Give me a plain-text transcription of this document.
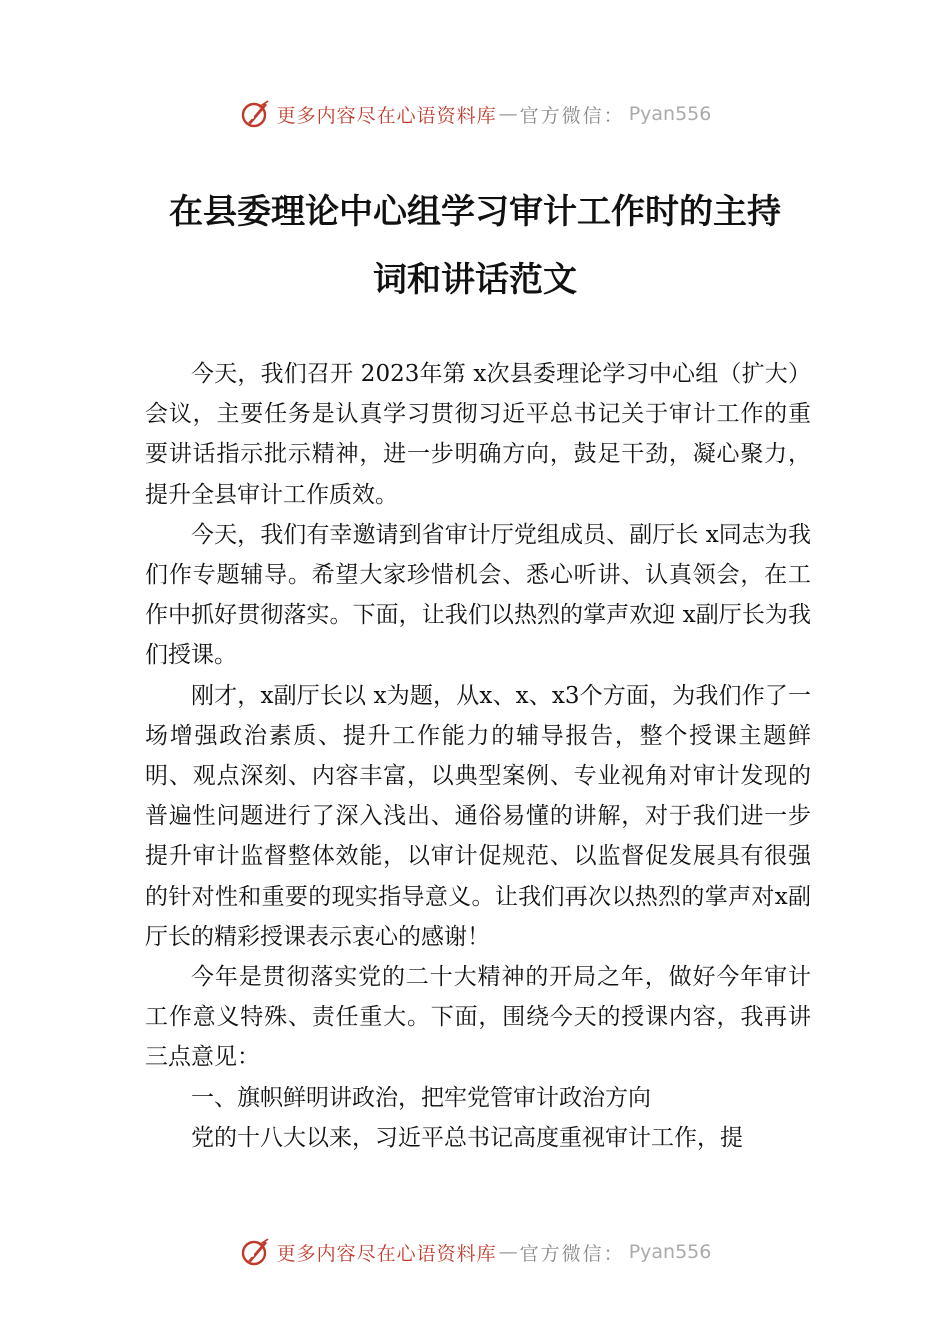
更多内容尽在心语资料库 — 官方微信： Pyan556
在县委理论中心组学习审计工作时的主持
词和讲话范文

今天，我们召开 2023年第 x次县委理论学习中心组（扩大）会议，主要任务是认真学习贯彻习近平总书记关于审计工作的重要讲话指示批示精神，进一步明确方向，鼓足干劲，凝心聚力，提升全县审计工作质效。

今天，我们有幸邀请到省审计厅党组成员、副厅长 x同志为我们作专题辅导。希望大家珍惜机会、悉心听讲、认真领会，在工作中抓好贯彻落实。下面，让我们以热烈的掌声欢迎 x副厅长为我们授课。

刚才，x副厅长以 x为题，从x、x、x3个方面，为我们作了一场增强政治素质、提升工作能力的辅导报告，整个授课主题鲜明、观点深刻、内容丰富，以典型案例、专业视角对审计发现的普遍性问题进行了深入浅出、通俗易懂的讲解，对于我们进一步提升审计监督整体效能，以审计促规范、以监督促发展具有很强的针对性和重要的现实指导意义。让我们再次以热烈的掌声对x副厅长的精彩授课表示衷心的感谢！

今年是贯彻落实党的二十大精神的开局之年，做好今年审计工作意义特殊、责任重大。下面，围绕今天的授课内容，我再讲三点意见：

一、旗帜鲜明讲政治，把牢党管审计政治方向

党的十八大以来，习近平总书记高度重视审计工作，提

更多内容尽在心语资料库 — 官方微信： Pyan556
